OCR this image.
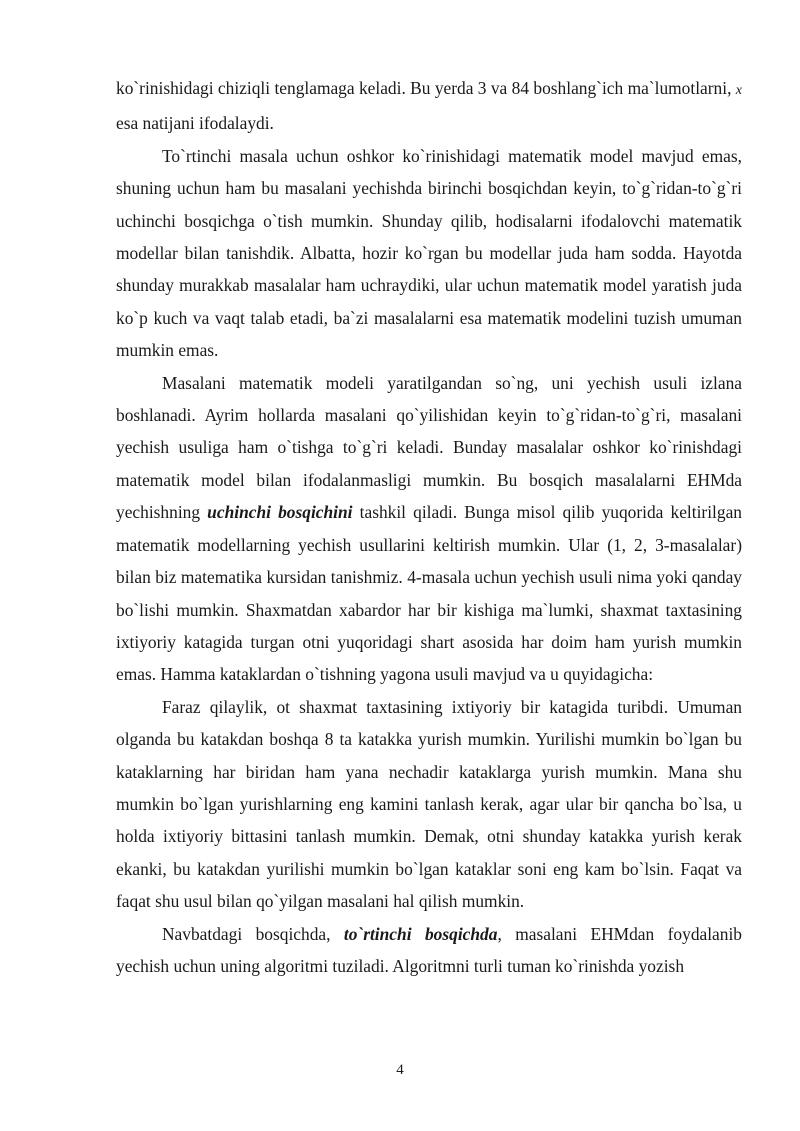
ko`rinishidagi chiziqli tenglamaga keladi. Bu yerda 3 va 84 boshlang`ich ma`lumotlarni, x esa natijani ifodalaydi.

To`rtinchi masala uchun oshkor ko`rinishidagi matematik model mavjud emas, shuning uchun ham bu masalani yechishda birinchi bosqichdan keyin, to`g`ridan-to`g`ri uchinchi bosqichga o`tish mumkin. Shunday qilib, hodisalarni ifodalovchi matematik modellar bilan tanishdik. Albatta, hozir ko`rgan bu modellar juda ham sodda. Hayotda shunday murakkab masalalar ham uchraydiki, ular uchun matematik model yaratish juda ko`p kuch va vaqt talab etadi, ba`zi masalalarni esa matematik modelini tuzish umuman mumkin emas.

Masalani matematik modeli yaratilgandan so`ng, uni yechish usuli izlana boshlanadi. Ayrim hollarda masalani qo`yilishidan keyin to`g`ridan-to`g`ri, masalani yechish usuliga ham o`tishga to`g`ri keladi. Bunday masalalar oshkor ko`rinishdagi matematik model bilan ifodalanmasligi mumkin. Bu bosqich masalalarni EHMda yechishning uchinchi bosqichini tashkil qiladi. Bunga misol qilib yuqorida keltirilgan matematik modellarning yechish usullarini keltirish mumkin. Ular (1, 2, 3-masalalar) bilan biz matematika kursidan tanishmiz. 4-masala uchun yechish usuli nima yoki qanday bo`lishi mumkin. Shaxmatdan xabardor har bir kishiga ma`lumki, shaxmat taxtasining ixtiyoriy katagida turgan otni yuqoridagi shart asosida har doim ham yurish mumkin emas. Hamma kataklardan o`tishning yagona usuli mavjud va u quyidagicha:

Faraz qilaylik, ot shaxmat taxtasining ixtiyoriy bir katagida turibdi. Umuman olganda bu katakdan boshqa 8 ta katakka yurish mumkin. Yurilishi mumkin bo`lgan bu kataklarning har biridan ham yana nechadir kataklarga yurish mumkin. Mana shu mumkin bo`lgan yurishlarning eng kamini tanlash kerak, agar ular bir qancha bo`lsa, u holda ixtiyoriy bittasini tanlash mumkin. Demak, otni shunday katakka yurish kerak ekanki, bu katakdan yurilishi mumkin bo`lgan kataklar soni eng kam bo`lsin. Faqat va faqat shu usul bilan qo`yilgan masalani hal qilish mumkin.

Navbatdagi bosqichda, to`rtinchi bosqichda, masalani EHMdan foydalanib yechish uchun uning algoritmi tuziladi. Algoritmni turli tuman ko`rinishda yozish

4
